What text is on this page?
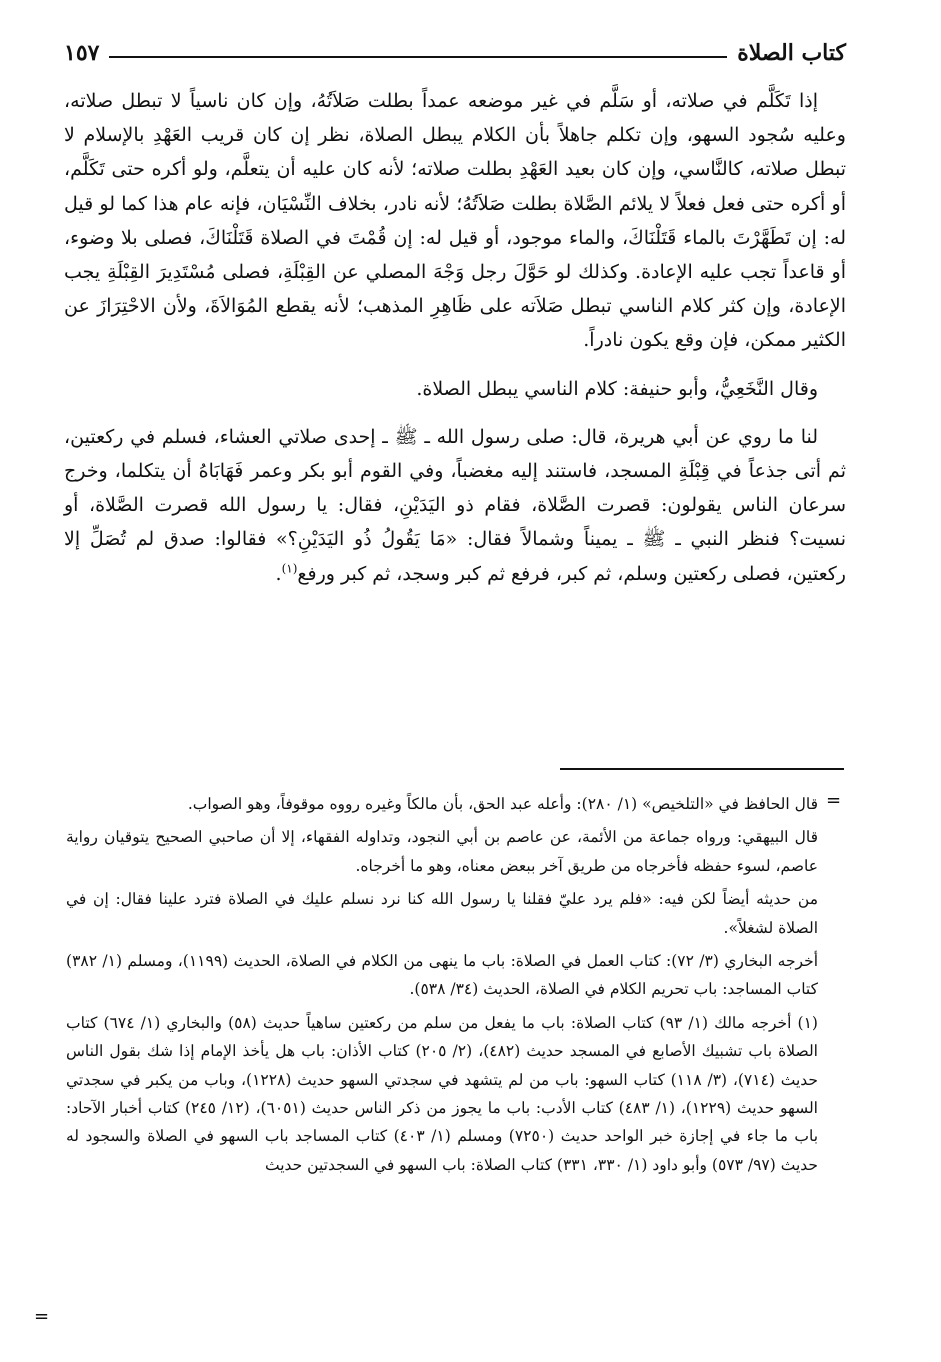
كتاب الصلاة
١٥٧

إذا تَكَلَّم في صلاته، أو سَلَّم في غير موضعه عمداً بطلت صَلاَتُهُ، وإن كان ناسياً لا تبطل صلاته، وعليه سُجود السهو، وإن تكلم جاهلاً بأن الكلام يبطل الصلاة، نظر إن كان قريب العَهْدِ بالإسلام لا تبطل صلاته، كالنَّاسي، وإن كان بعيد العَهْدِ بطلت صلاته؛ لأنه كان عليه أن يتعلَّم، ولو أكره حتى تَكَلَّم، أو أكره حتى فعل فعلاً لا يلائم الصَّلاة بطلت صَلاَتُهُ؛ لأنه نادر، بخلاف النِّسْيَان، فإنه عام هذا كما لو قيل له: إن تَطَهَّرْتَ بالماء قَتَلْنَاكَ، والماء موجود، أو قيل له: إن قُمْتَ في الصلاة قَتَلْنَاكَ، فصلى بلا وضوء، أو قاعداً تجب عليه الإعادة. وكذلك لو حَوَّلَ رجل وَجْهَ المصلي عن القِبْلَةِ، فصلى مُسْتَدِيرَ القِبْلَةِ يجب الإعادة، وإن كثر كلام الناسي تبطل صَلاَته على ظَاهِرِ المذهب؛ لأنه يقطع المُوَالاَةَ، ولأن الاحْتِرَازَ عن الكثير ممكن، فإن وقع يكون نادراً.

وقال النَّخَعِيُّ، وأبو حنيفة: كلام الناسي يبطل الصلاة.

لنا ما روي عن أبي هريرة، قال: صلى رسول الله ـ ﷺ ـ إحدى صلاتي العشاء، فسلم في ركعتين، ثم أتى جذعاً في قِبْلَةِ المسجد، فاستند إليه مغضباً، وفي القوم أبو بكر وعمر فَهَابَاهُ أن يتكلما، وخرج سرعان الناس يقولون: قصرت الصَّلاة، فقام ذو اليَدَيْنِ، فقال: يا رسول الله قصرت الصَّلاة، أو نسيت؟ فنظر النبي ـ ﷺ ـ يميناً وشمالاً فقال: «مَا يَقُولُ ذُو اليَدَيْنِ؟» فقالوا: صدق لم تُصَلِّ إلا ركعتين، فصلى ركعتين وسلم، ثم كبر، فرفع ثم كبر وسجد، ثم كبر ورفع$^{(١)}$.

=

قال الحافظ في «التلخيص» (١/ ٢٨٠): وأعله عبد الحق، بأن مالكاً وغيره رووه موقوفاً، وهو الصواب.

قال البيهقي: ورواه جماعة من الأئمة، عن عاصم بن أبي النجود، وتداوله الفقهاء، إلا أن صاحبي الصحيح يتوقيان رواية عاصم، لسوء حفظه فأخرجاه من طريق آخر ببعض معناه، وهو ما أخرجاه.

من حديثه أيضاً لكن فيه: «فلم يرد عليّ فقلنا يا رسول الله كنا نرد نسلم عليك في الصلاة فترد علينا فقال: إن في الصلاة لشغلاً».

أخرجه البخاري (٣/ ٧٢): كتاب العمل في الصلاة: باب ما ينهى من الكلام في الصلاة، الحديث (١١٩٩)، ومسلم (١/ ٣٨٢) كتاب المساجد: باب تحريم الكلام في الصلاة، الحديث (٣٤/ ٥٣٨).

(١) أخرجه مالك (١/ ٩٣) كتاب الصلاة: باب ما يفعل من سلم من ركعتين ساهياً حديث (٥٨) والبخاري (١/ ٦٧٤) كتاب الصلاة باب تشبيك الأصابع في المسجد حديث (٤٨٢)، (٢/ ٢٠٥) كتاب الأذان: باب هل يأخذ الإمام إذا شك بقول الناس حديث (٧١٤)، (٣/ ١١٨) كتاب السهو: باب من لم يتشهد في سجدتي السهو حديث (١٢٢٨)، وباب من يكبر في سجدتي السهو حديث (١٢٢٩)، (١/ ٤٨٣) كتاب الأدب: باب ما يجوز من ذكر الناس حديث (٦٠٥١)، (١٢/ ٢٤٥) كتاب أخبار الآحاد: باب ما جاء في إجازة خبر الواحد حديث (٧٢٥٠) ومسلم (١/ ٤٠٣) كتاب المساجد باب السهو في الصلاة والسجود له حديث (٩٧/ ٥٧٣) وأبو داود (١/ ٣٣٠، ٣٣١) كتاب الصلاة: باب السهو في السجدتين حديث

=
